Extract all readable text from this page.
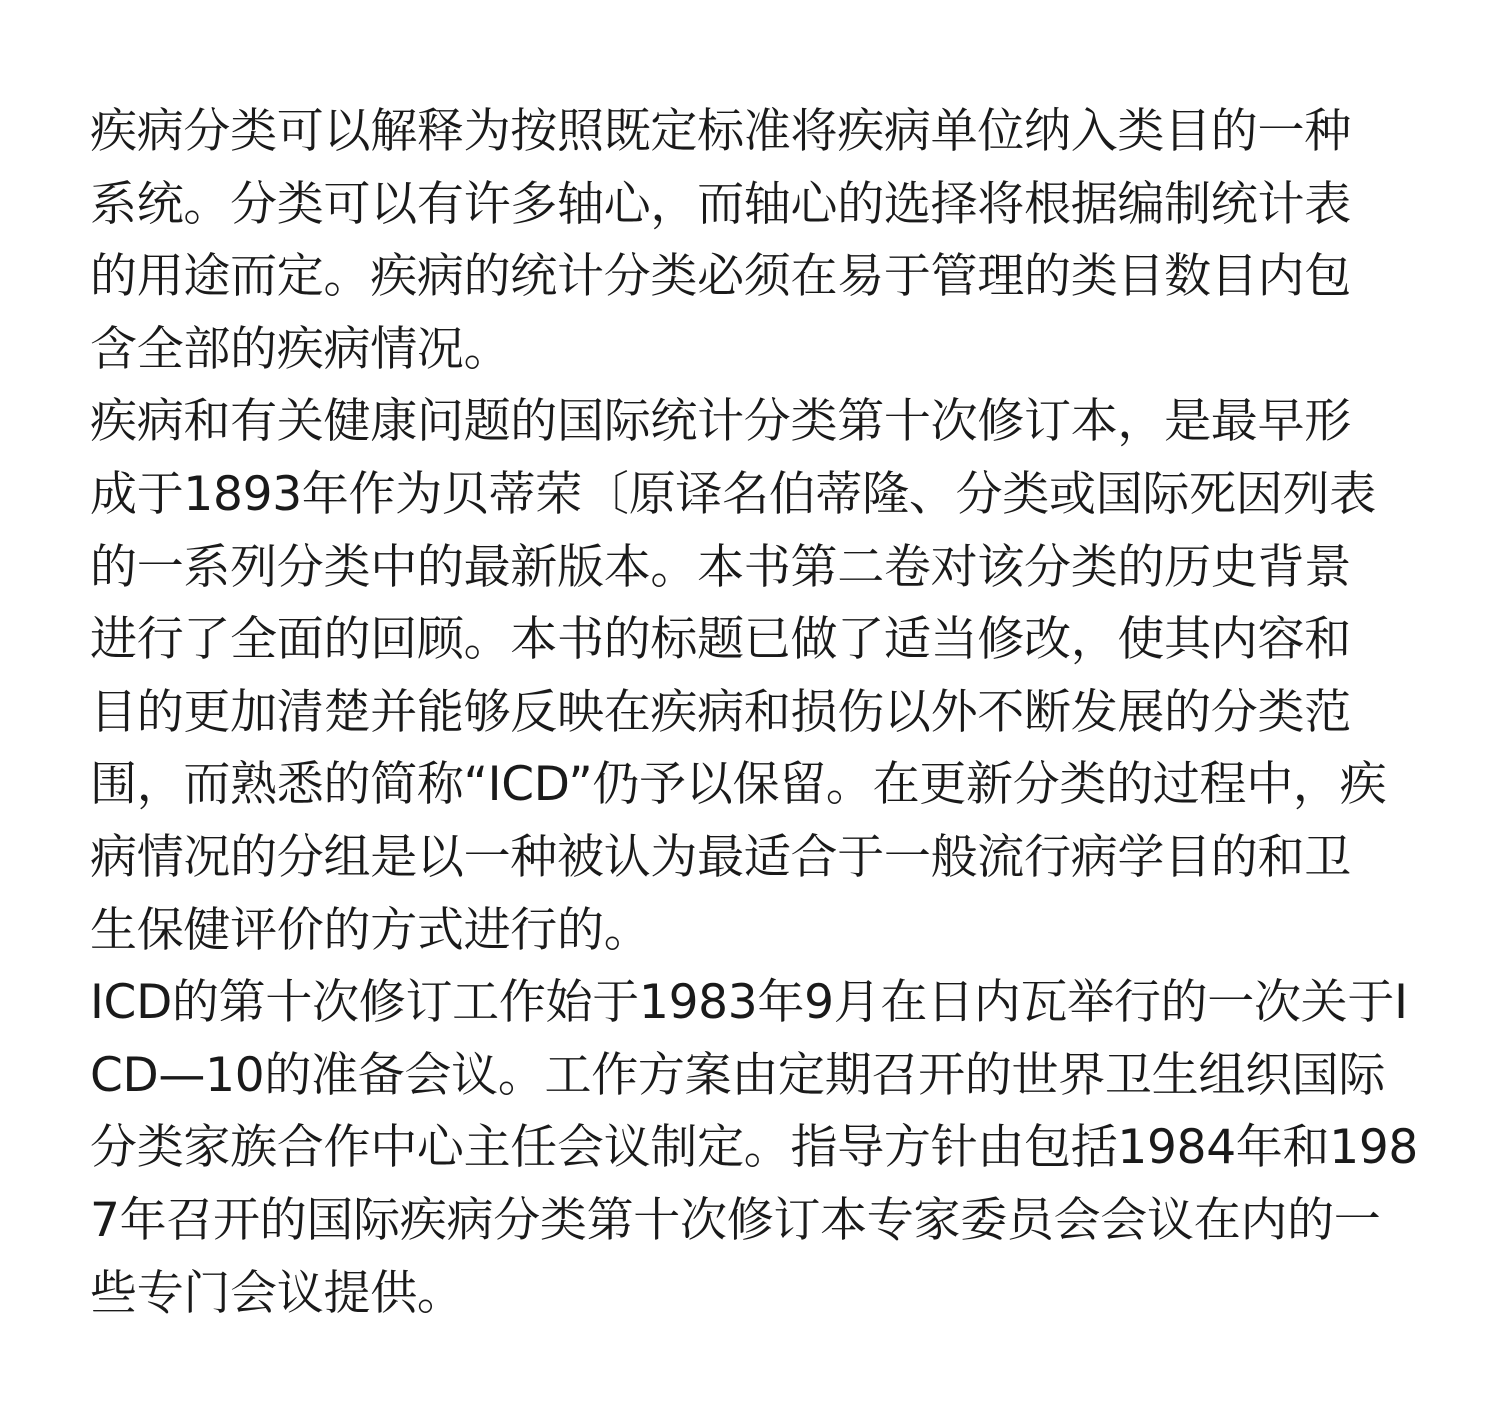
疾病分类可以解释为按照既定标准将疾病单位纳入类目的一种
系统。分类可以有许多轴心，而轴心的选择将根据编制统计表
的用途而定。疾病的统计分类必须在易于管理的类目数目内包
含全部的疾病情况。
疾病和有关健康问题的国际统计分类第十次修订本，是最早形
成于1893年作为贝蒂荣〔原译名伯蒂隆、分类或国际死因列表
的一系列分类中的最新版本。本书第二卷对该分类的历史背景
进行了全面的回顾。本书的标题已做了适当修改，使其内容和
目的更加清楚并能够反映在疾病和损伤以外不断发展的分类范
围，而熟悉的简称“ICD”仍予以保留。在更新分类的过程中，疾
病情况的分组是以一种被认为最适合于一般流行病学目的和卫
生保健评价的方式进行的。
ICD的第十次修订工作始于1983年9月在日内瓦举行的一次关于I
CD—10的准备会议。工作方案由定期召开的世界卫生组织国际
分类家族合作中心主任会议制定。指导方针由包括1984年和198
7年召开的国际疾病分类第十次修订本专家委员会会议在内的一
些专门会议提供。
